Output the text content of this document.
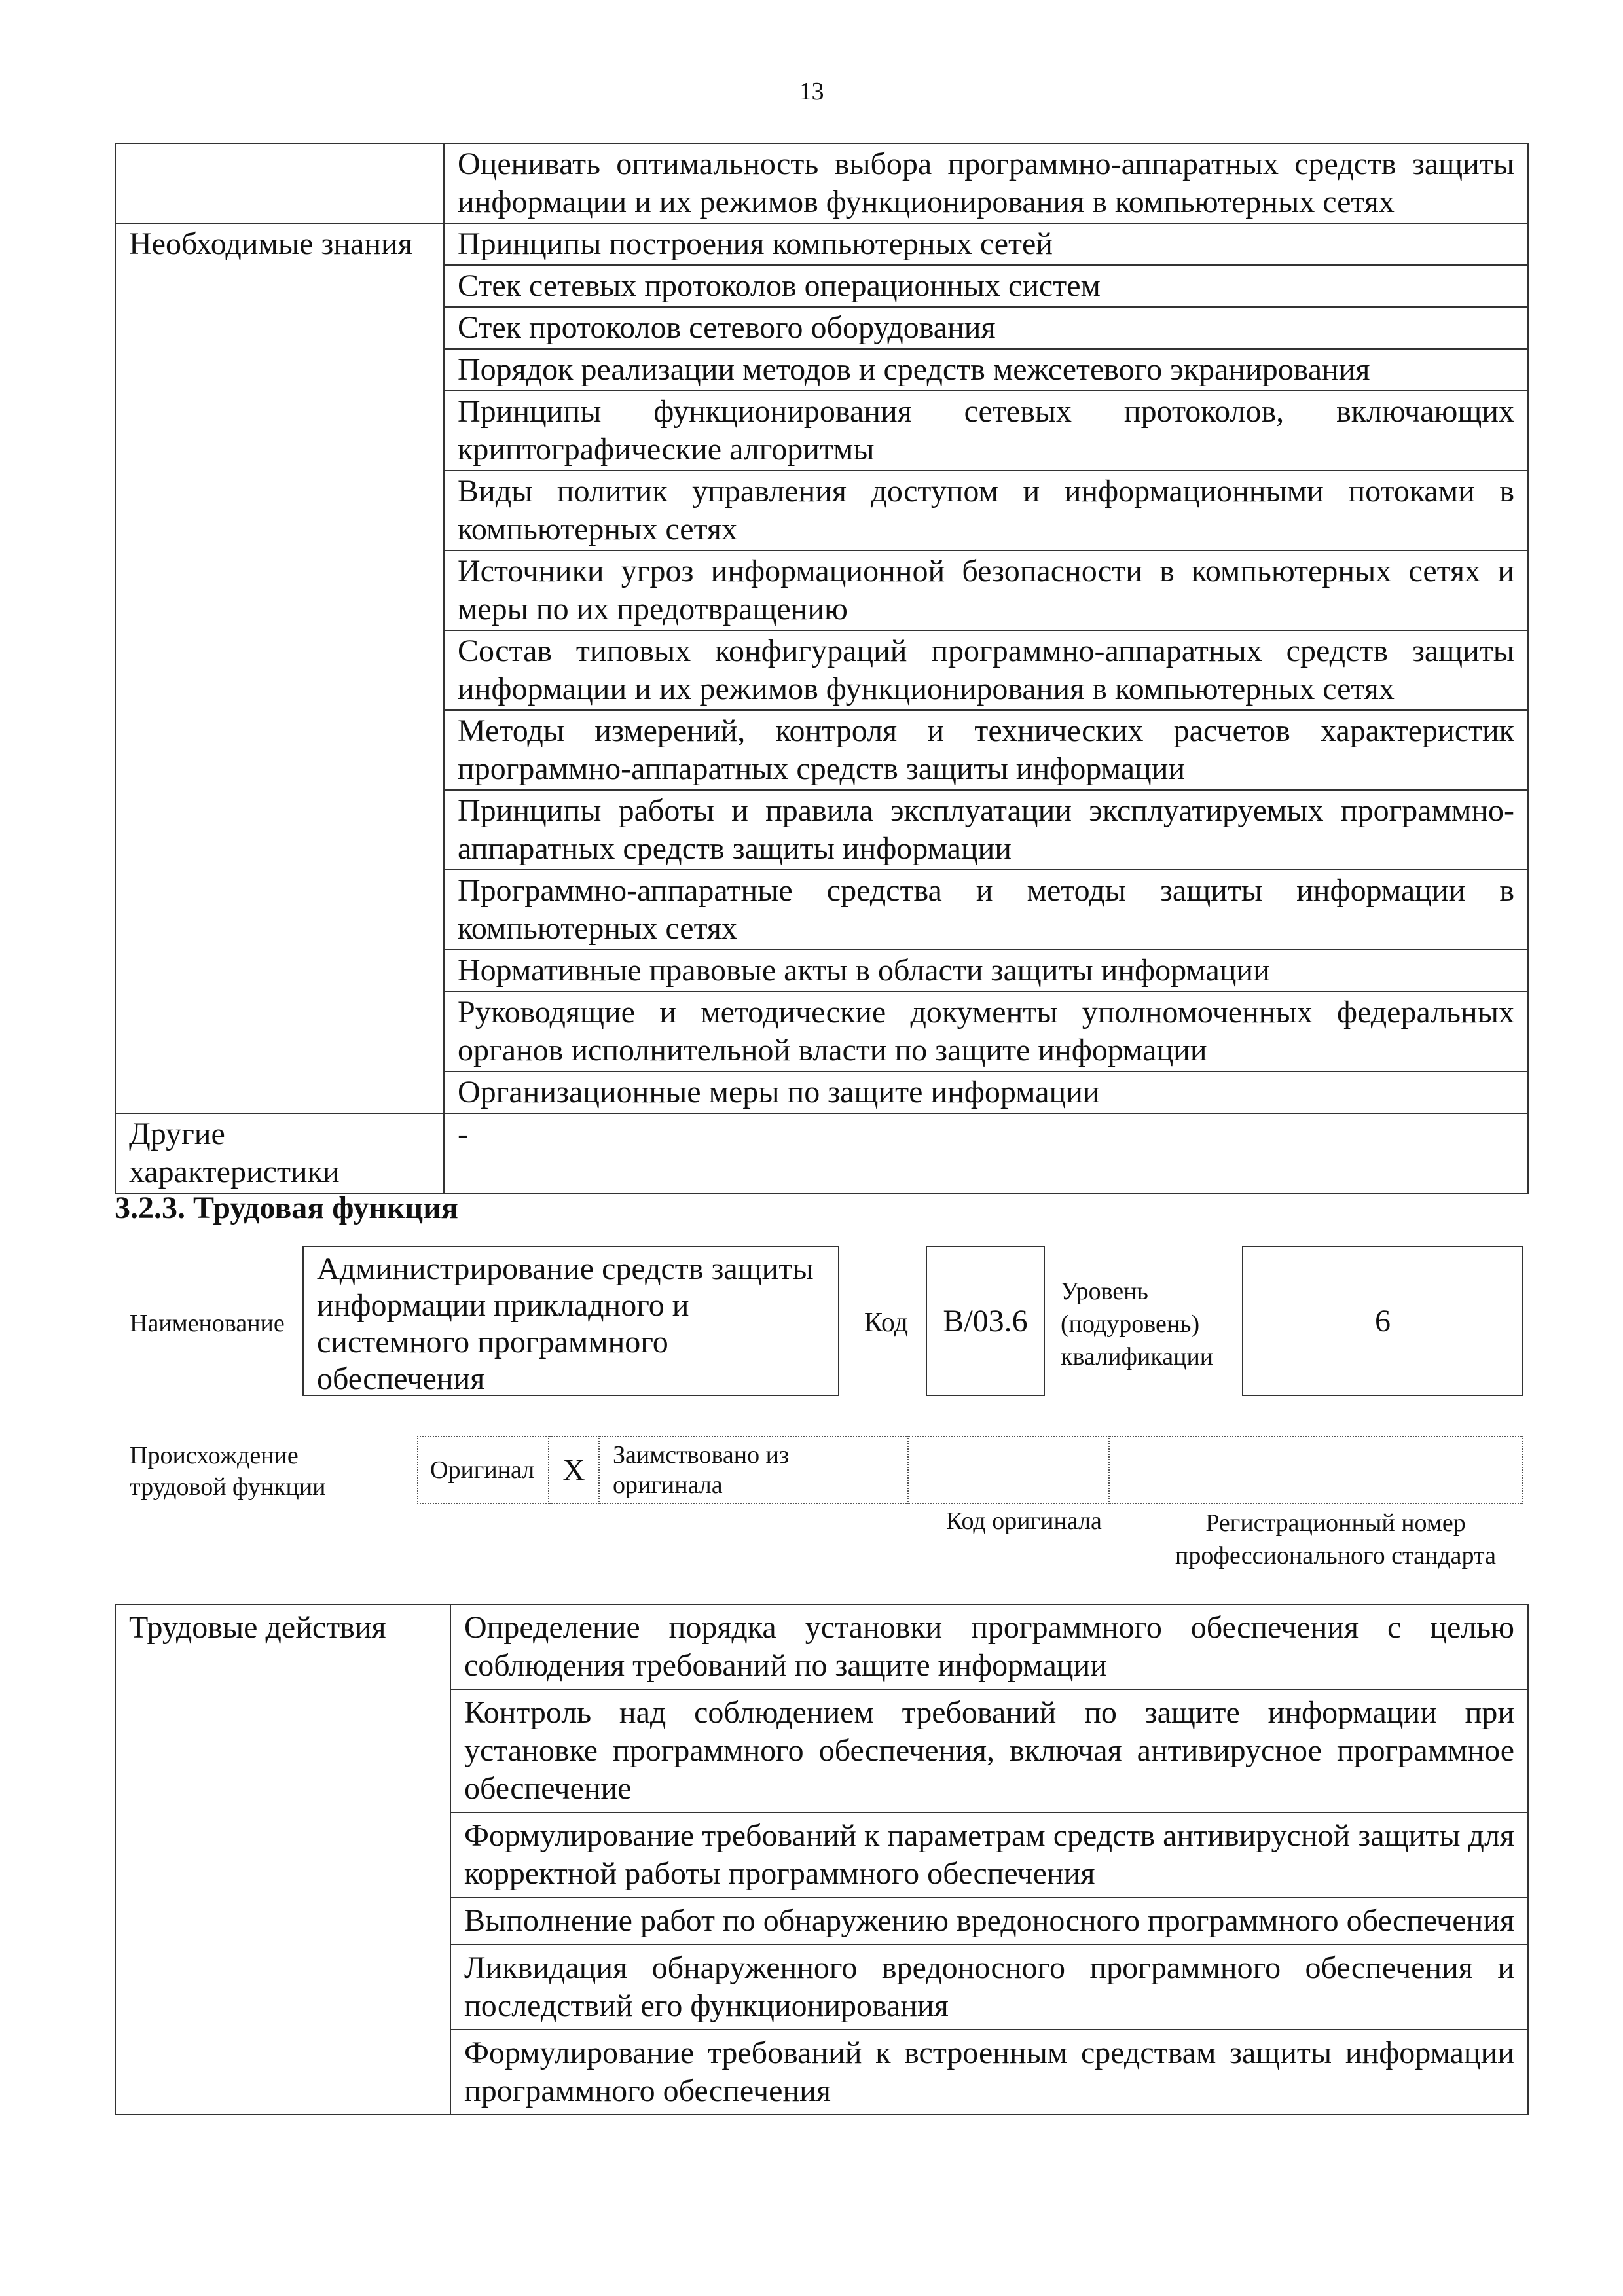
13
	Оценивать оптимальность выбора программно-аппаратных средств защиты информации и их режимов функционирования в компьютерных сетях
Необходимые знания	Принципы построения компьютерных сетей
	Стек сетевых протоколов операционных систем
	Стек протоколов сетевого оборудования
	Порядок реализации методов и средств межсетевого экранирования
	Принципы функционирования сетевых протоколов, включающих криптографические алгоритмы
	Виды политик управления доступом и информационными потоками в компьютерных сетях
	Источники угроз информационной безопасности в компьютерных сетях и меры по их предотвращению
	Состав типовых конфигураций программно-аппаратных средств защиты информации и их режимов функционирования в компьютерных сетях
	Методы измерений, контроля и технических расчетов характеристик программно-аппаратных средств защиты информации
	Принципы работы и правила эксплуатации эксплуатируемых программно-аппаратных средств защиты информации
	Программно-аппаратные средства и методы защиты информации в компьютерных сетях
	Нормативные правовые акты в области защиты информации
	Руководящие и методические документы уполномоченных федеральных органов исполнительной власти по защите информации
	Организационные меры по защите информации
Другие характеристики	-
3.2.3. Трудовая функция
Наименование
Администрирование средств защиты информации прикладного и системного программного обеспечения
Код	B/03.6
Уровень
(подуровень)
квалификации
6
Происхождение
трудовой функции
Оригинал	X	Заимствовано из
оригинала

Код оригинала	Регистрационный номер
профессионального стандарта
Трудовые действия	Определение порядка установки программного обеспечения с целью соблюдения требований по защите информации
Контроль над соблюдением требований по защите информации при установке программного обеспечения, включая антивирусное программное обеспечение
Формулирование требований к параметрам средств антивирусной защиты для корректной работы программного обеспечения
Выполнение работ по обнаружению вредоносного программного обеспечения
Ликвидация обнаруженного вредоносного программного обеспечения и последствий его функционирования
Формулирование требований к встроенным средствам защиты информации программного обеспечения
